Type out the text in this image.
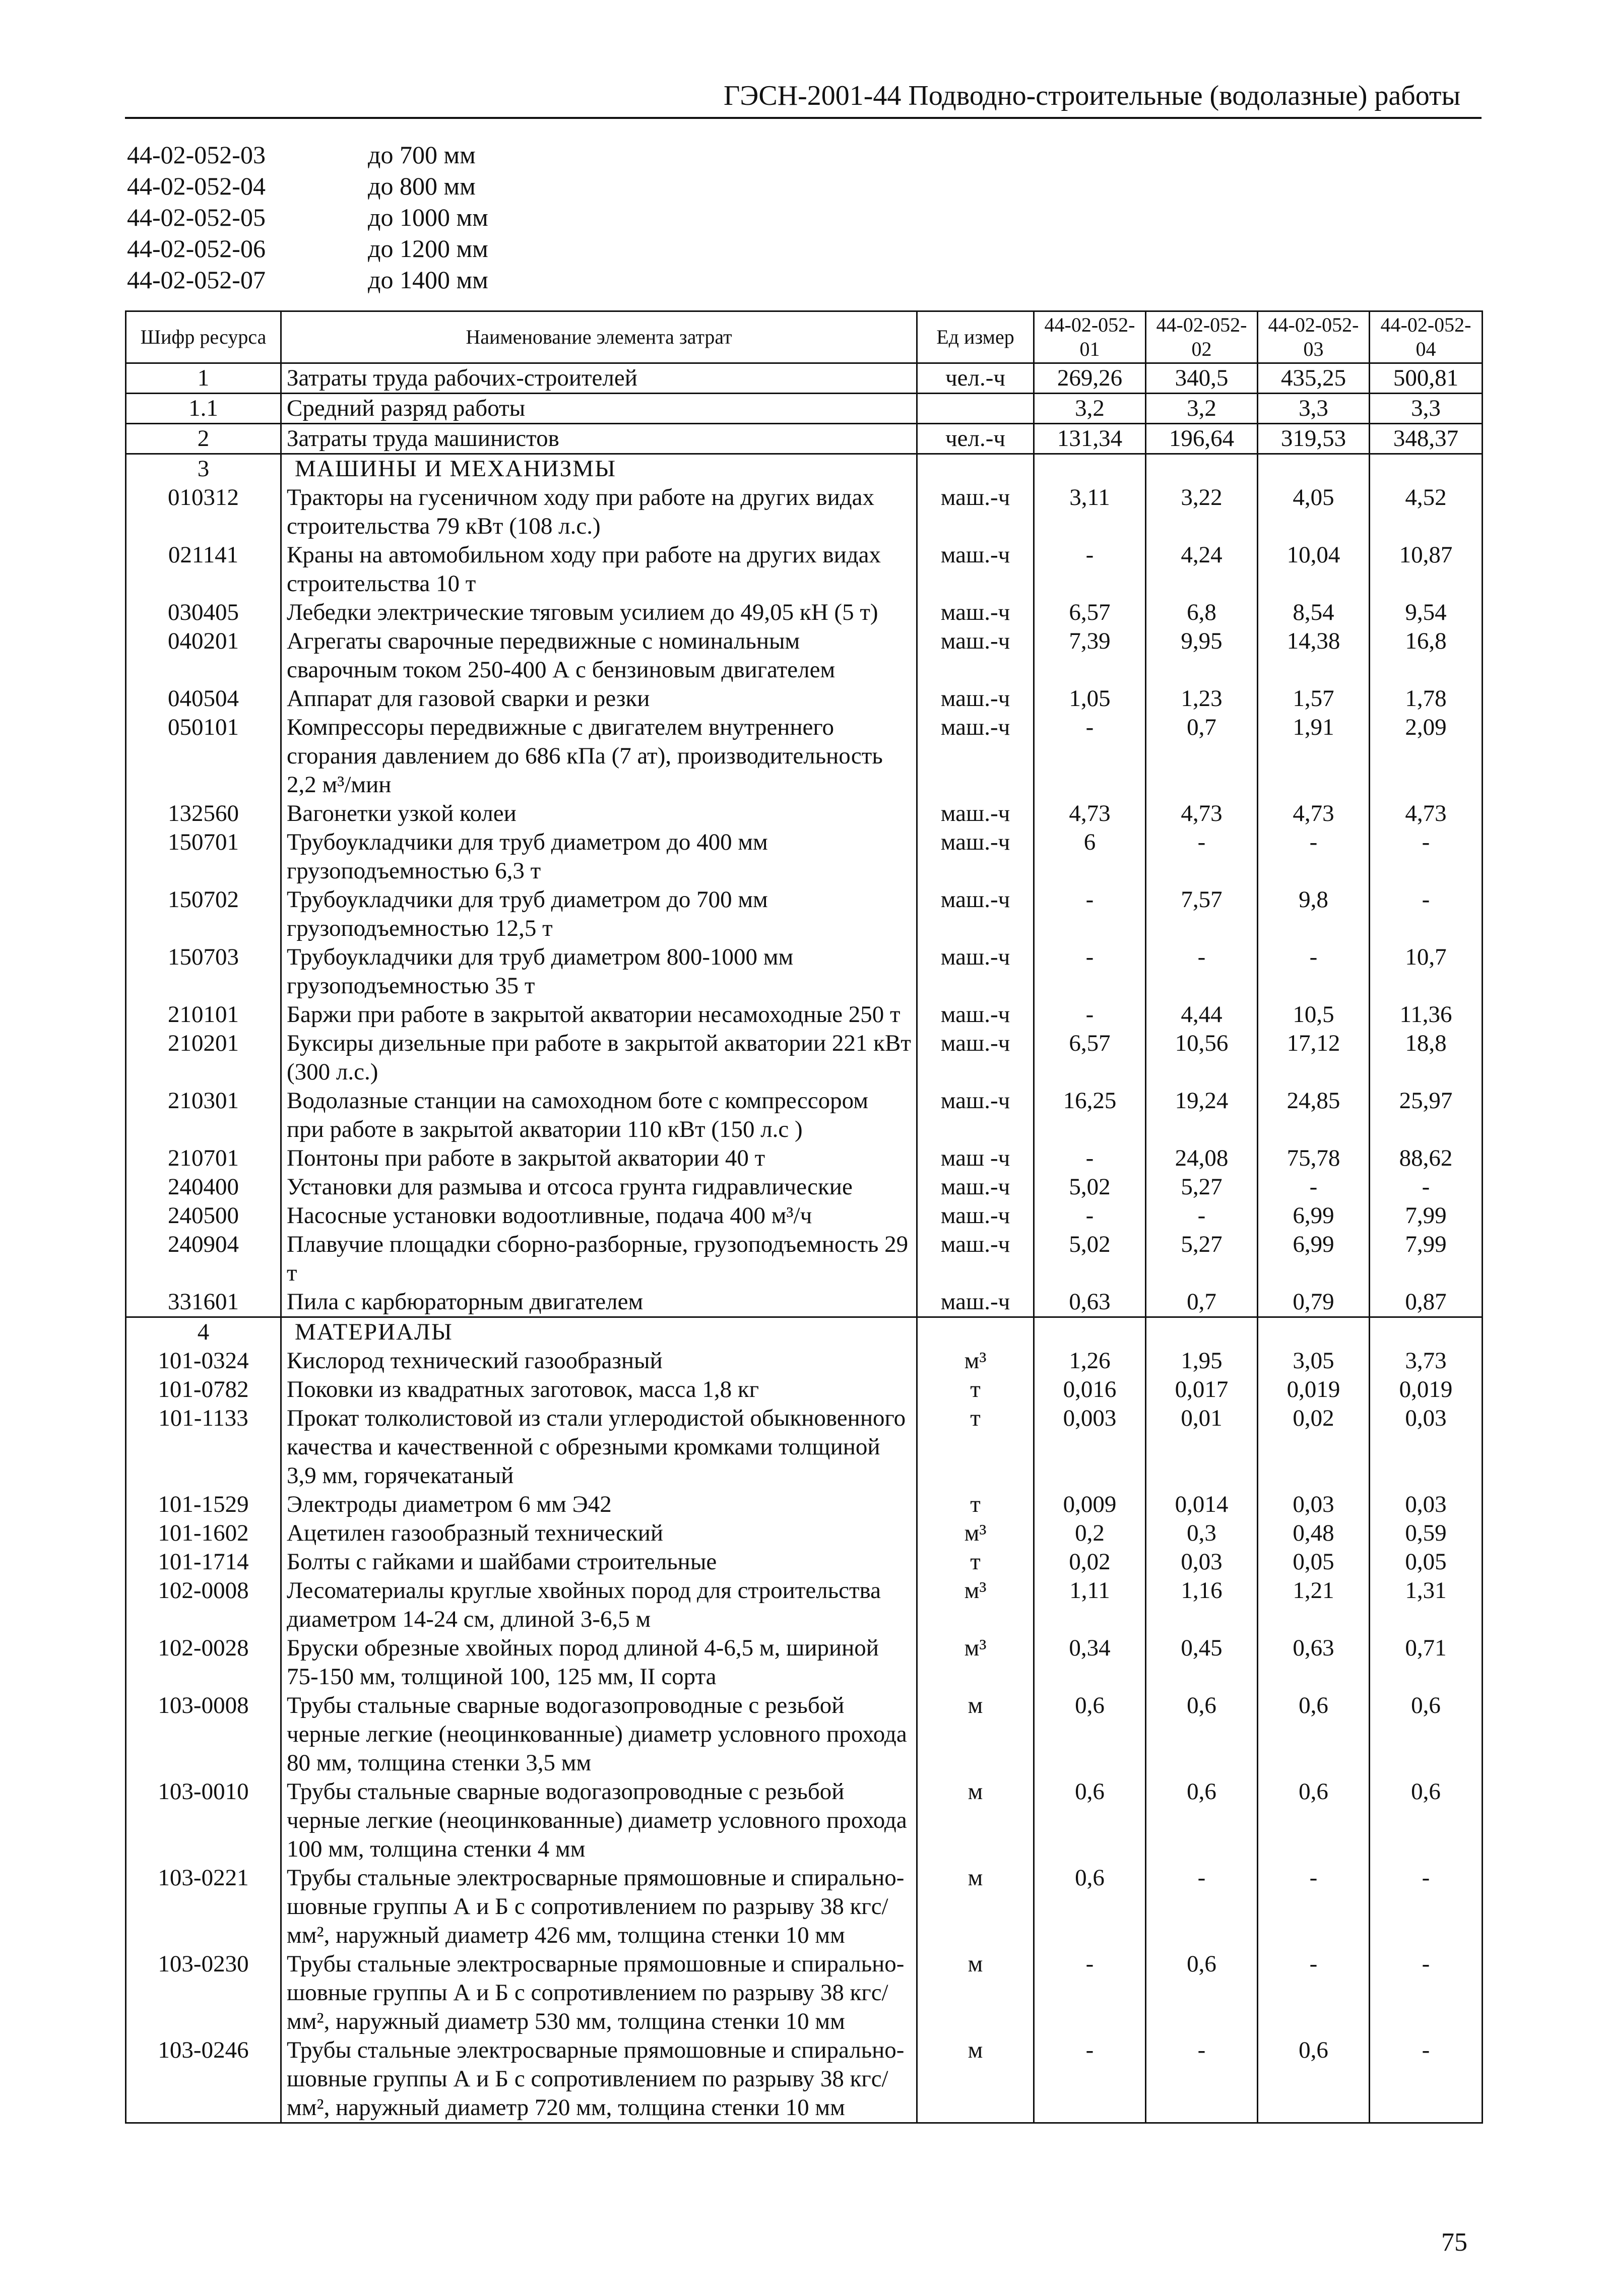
ГЭСН-2001-44 Подводно-строительные (водолазные) работы
44-02-052-03	до 700 мм
44-02-052-04	до 800 мм
44-02-052-05	до 1000 мм
44-02-052-06	до 1200 мм
44-02-052-07	до 1400 мм
Шифр ресурса	Наименование элемента затрат	Ед измер	44-02-052-01	44-02-052-02	44-02-052-03	44-02-052-04
1	Затраты труда рабочих-строителей	чел.-ч	269,26	340,5	435,25	500,81
1.1	Средний разряд работы		3,2	3,2	3,3	3,3
2	Затраты труда машинистов	чел.-ч	131,34	196,64	319,53	348,37
3	МАШИНЫ И МЕХАНИЗМЫ					
010312	Тракторы на гусеничном ходу при работе на других видах строительства 79 кВт (108 л.с.)	маш.-ч	3,11	3,22	4,05	4,52
021141	Краны на автомобильном ходу при работе на других видах строительства 10 т	маш.-ч	-	4,24	10,04	10,87
030405	Лебедки электрические тяговым усилием до 49,05 кН (5 т)	маш.-ч	6,57	6,8	8,54	9,54
040201	Агрегаты сварочные передвижные с номинальным сварочным током 250-400 А с бензиновым двигателем	маш.-ч	7,39	9,95	14,38	16,8
040504	Аппарат для газовой сварки и резки	маш.-ч	1,05	1,23	1,57	1,78
050101	Компрессоры передвижные с двигателем внутреннего сгорания давлением до 686 кПа (7 ат), производительность 2,2 м³/мин	маш.-ч	-	0,7	1,91	2,09
132560	Вагонетки узкой колеи	маш.-ч	4,73	4,73	4,73	4,73
150701	Трубоукладчики для труб диаметром до 400 мм грузоподъемностью 6,3 т	маш.-ч	6	-	-	-
150702	Трубоукладчики для труб диаметром до 700 мм грузоподъемностью 12,5 т	маш.-ч	-	7,57	9,8	-
150703	Трубоукладчики для труб диаметром 800-1000 мм грузоподъемностью 35 т	маш.-ч	-	-	-	10,7
210101	Баржи при работе в закрытой акватории несамоходные 250 т	маш.-ч	-	4,44	10,5	11,36
210201	Буксиры дизельные при работе в закрытой акватории 221 кВт (300 л.с.)	маш.-ч	6,57	10,56	17,12	18,8
210301	Водолазные станции на самоходном боте с компрессором при работе в закрытой акватории 110 кВт (150 л.с )	маш.-ч	16,25	19,24	24,85	25,97
210701	Понтоны при работе в закрытой акватории 40 т	маш -ч	-	24,08	75,78	88,62
240400	Установки для размыва и отсоса грунта гидравлические	маш.-ч	5,02	5,27	-	-
240500	Насосные установки водоотливные, подача 400 м³/ч	маш.-ч	-	-	6,99	7,99
240904	Плавучие площадки сборно-разборные, грузоподъемность 29 т	маш.-ч	5,02	5,27	6,99	7,99
331601	Пила с карбюраторным двигателем	маш.-ч	0,63	0,7	0,79	0,87
4	МАТЕРИАЛЫ					
101-0324	Кислород технический газообразный	м³	1,26	1,95	3,05	3,73
101-0782	Поковки из квадратных заготовок, масса 1,8 кг	т	0,016	0,017	0,019	0,019
101-1133	Прокат толколистовой из стали углеродистой обыкновенного качества и качественной с обрезными кромками толщиной 3,9 мм, горячекатаный	т	0,003	0,01	0,02	0,03
101-1529	Электроды диаметром 6 мм Э42	т	0,009	0,014	0,03	0,03
101-1602	Ацетилен газообразный технический	м³	0,2	0,3	0,48	0,59
101-1714	Болты с гайками и шайбами строительные	т	0,02	0,03	0,05	0,05
102-0008	Лесоматериалы круглые хвойных пород для строительства диаметром 14-24 см, длиной 3-6,5 м	м³	1,11	1,16	1,21	1,31
102-0028	Бруски обрезные хвойных пород длиной 4-6,5 м, шириной 75-150 мм, толщиной 100, 125 мм, II сорта	м³	0,34	0,45	0,63	0,71
103-0008	Трубы стальные сварные водогазопроводные с резьбой черные легкие (неоцинкованные) диаметр условного прохода 80 мм, толщина стенки 3,5 мм	м	0,6	0,6	0,6	0,6
103-0010	Трубы стальные сварные водогазопроводные с резьбой черные легкие (неоцинкованные) диаметр условного прохода 100 мм, толщина стенки 4 мм	м	0,6	0,6	0,6	0,6
103-0221	Трубы стальные электросварные прямошовные и спирально-шовные группы А и Б с сопротивлением по разрыву 38 кгс/мм², наружный диаметр 426 мм, толщина стенки 10 мм	м	0,6	-	-	-
103-0230	Трубы стальные электросварные прямошовные и спирально-шовные группы А и Б с сопротивлением по разрыву 38 кгс/мм², наружный диаметр 530 мм, толщина стенки 10 мм	м	-	0,6	-	-
103-0246	Трубы стальные электросварные прямошовные и спирально-шовные группы А и Б с сопротивлением по разрыву 38 кгс/мм², наружный диаметр 720 мм, толщина стенки 10 мм	м	-	-	0,6	-
75
